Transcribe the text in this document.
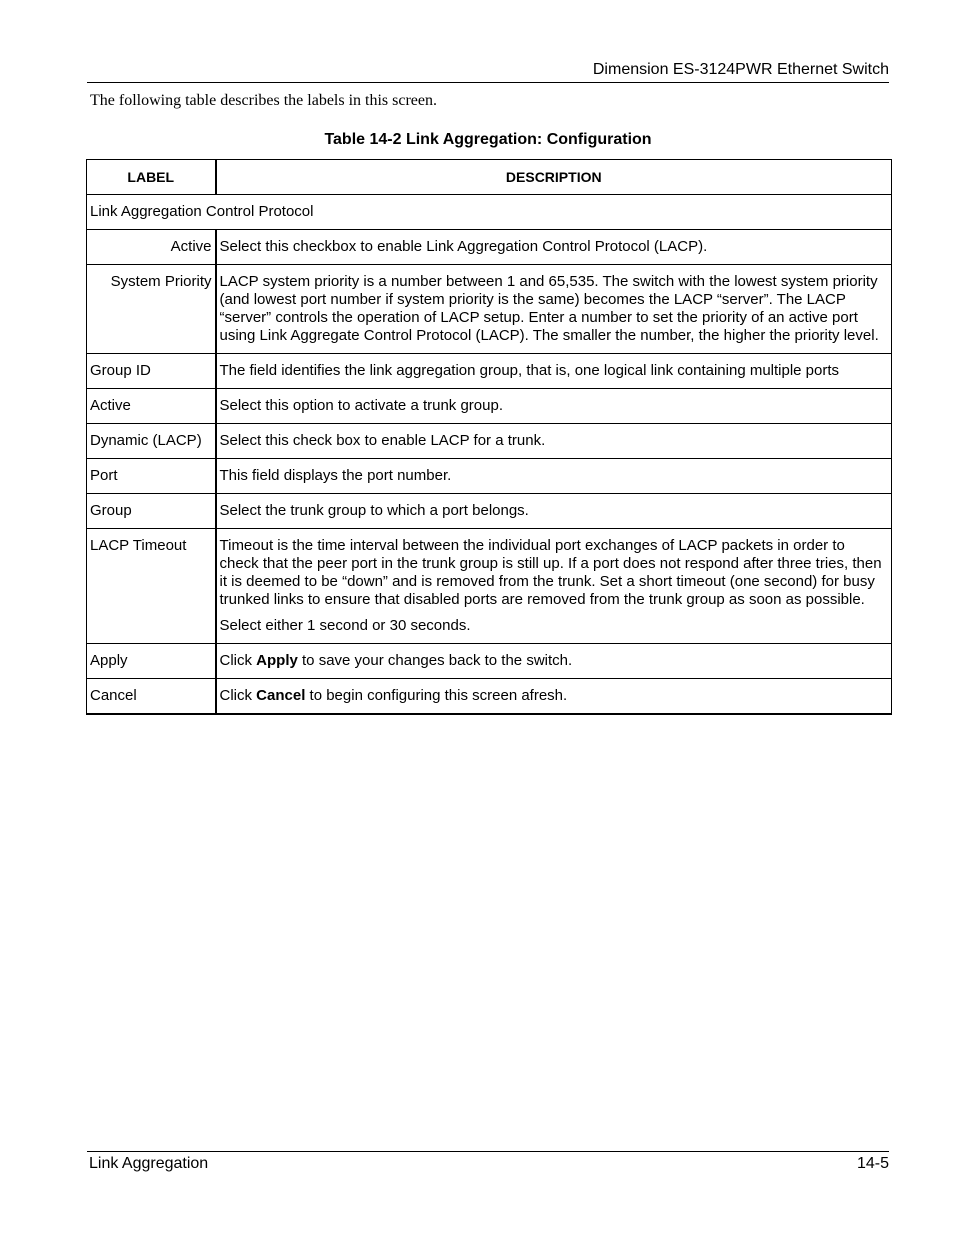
Dimension ES-3124PWR Ethernet Switch
The following table describes the labels in this screen.
Table 14-2 Link Aggregation: Configuration
LABEL	DESCRIPTION
Link Aggregation Control Protocol	
Active	Select this checkbox to enable Link Aggregation Control Protocol (LACP).
System Priority	LACP system priority is a number between 1 and 65,535. The switch with the lowest system priority (and lowest port number if system priority is the same) becomes the LACP “server”. The LACP “server” controls the operation of LACP setup. Enter a number to set the priority of an active port using Link Aggregate Control Protocol (LACP). The smaller the number, the higher the priority level.
Group ID	The field identifies the link aggregation group, that is, one logical link containing multiple ports
Active	Select this option to activate a trunk group.
Dynamic (LACP)	Select this check box to enable LACP for a trunk.
Port	This field displays the port number.
Group	Select the trunk group to which a port belongs.
LACP Timeout	Timeout is the time interval between the individual port exchanges of LACP packets in order to check that the peer port in the trunk group is still up. If a port does not respond after three tries, then it is deemed to be “down” and is removed from the trunk. Set a short timeout (one second) for busy trunked links to ensure that disabled ports are removed from the trunk group as soon as possible.

Select either 1 second or 30 seconds.

Apply	Click Apply to save your changes back to the switch.
Cancel	Click Cancel to begin configuring this screen afresh.
Link Aggregation	14-5
